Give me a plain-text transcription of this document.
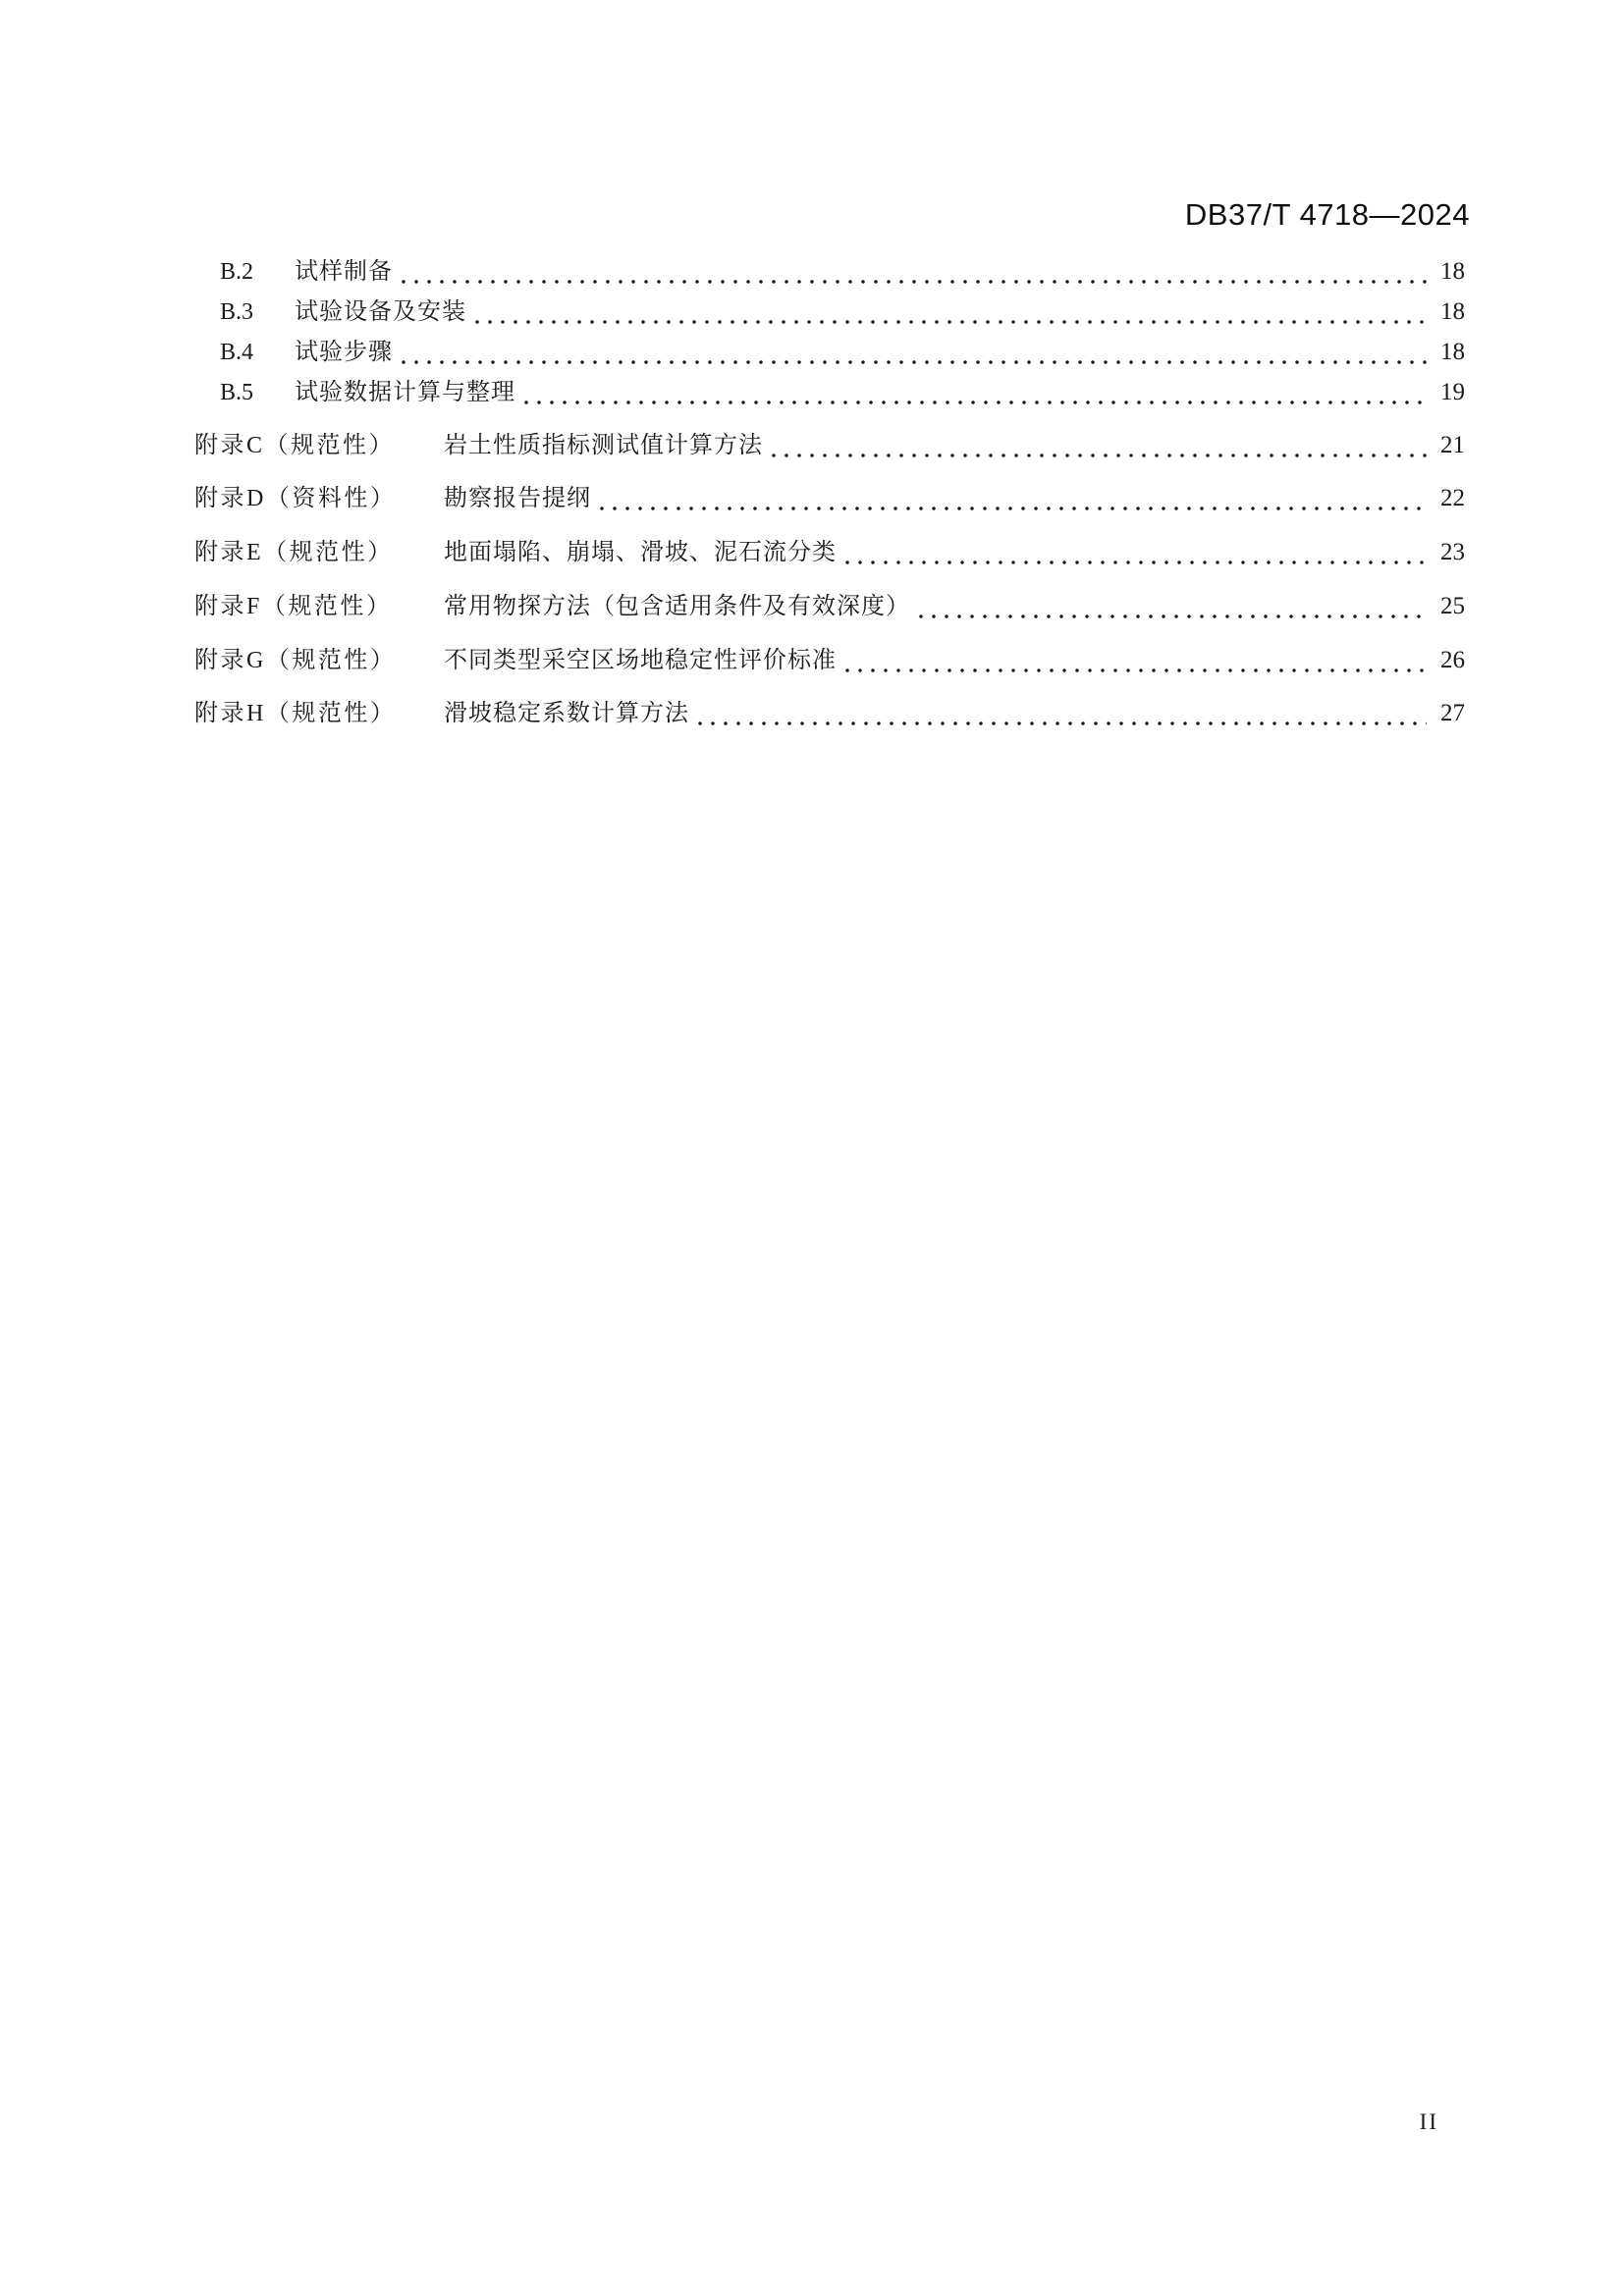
DB37/T 4718—2024
B.2	试样制备	18
B.3	试验设备及安装	18
B.4	试验步骤	18
B.5	试验数据计算与整理	19
附录C（规范性）	岩土性质指标测试值计算方法	21
附录D（资料性）	勘察报告提纲	22
附录E（规范性）	地面塌陷、崩塌、滑坡、泥石流分类	23
附录F（规范性）	常用物探方法（包含适用条件及有效深度）	25
附录G（规范性）	不同类型采空区场地稳定性评价标准	26
附录H（规范性）	滑坡稳定系数计算方法	27
II
